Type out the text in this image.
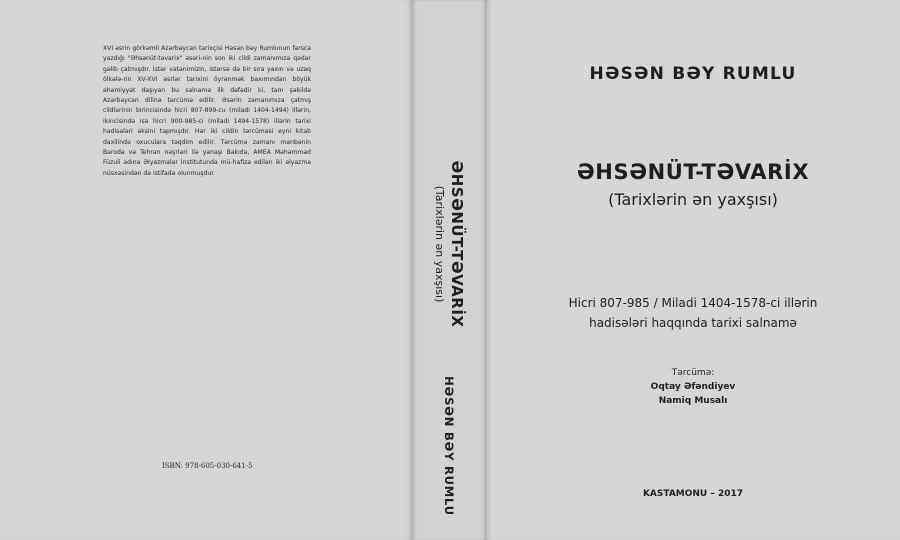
XVI əsrin görkəmli Azərbaycan tarixçisi Həsən bəy Rumlunun farsca yazdığı "Əhsənüt-təvarix" əsəri-nin son iki cildi zamanımıza qədər gəlib çatmışdır. İstər vətənimizin, istərsə də bir sıra yaxın və uzaq ölkələ-rin XV-XVI əsrlər tarixini öyrənmək baxımından böyük əhəmiyyət daşıyan bu salnamə ilk dəfədir ki, tam şəkildə Azərbaycan dilinə tərcümə edilir. Əsərin zamanımıza çatmış cildlərinin birincisində hicri 807-899-cu (miladi 1404-1494) illərin, ikincisində isə hicri 900-985-ci (miladi 1494-1578) illərin tarixi hadisələri əksini tapmışdır. Hər iki cildin tərcüməsi eyni kitab daxilində oxuculara təqdim edilir. Tərcümə zamanı mənbənin Baroda və Tehran nəşrləri ilə yanaşı Bakıda, AMEA Məhəmməd Füzuli adına Əlyazmalar İnstitutunda mü-hafizə edilən iki əlyazma nüsxəsindən də istifadə olunmuşdur.

ISBN: 978-605-030-641-5
ƏHSƏNÜT-TƏVARİX
(Tarixlərin ən yaxşısı)
HƏSƏN BƏY RUMLU
HƏSƏN BƏY RUMLU
ƏHSƏNÜT-TƏVARİX
(Tarixlərin ən yaxşısı)
Hicri 807-985 / Miladi 1404-1578-ci illərin
hadisələri haqqında tarixi salnamə
Tərcümə:
Oqtay Əfəndiyev
Namiq Musalı
KASTAMONU – 2017
